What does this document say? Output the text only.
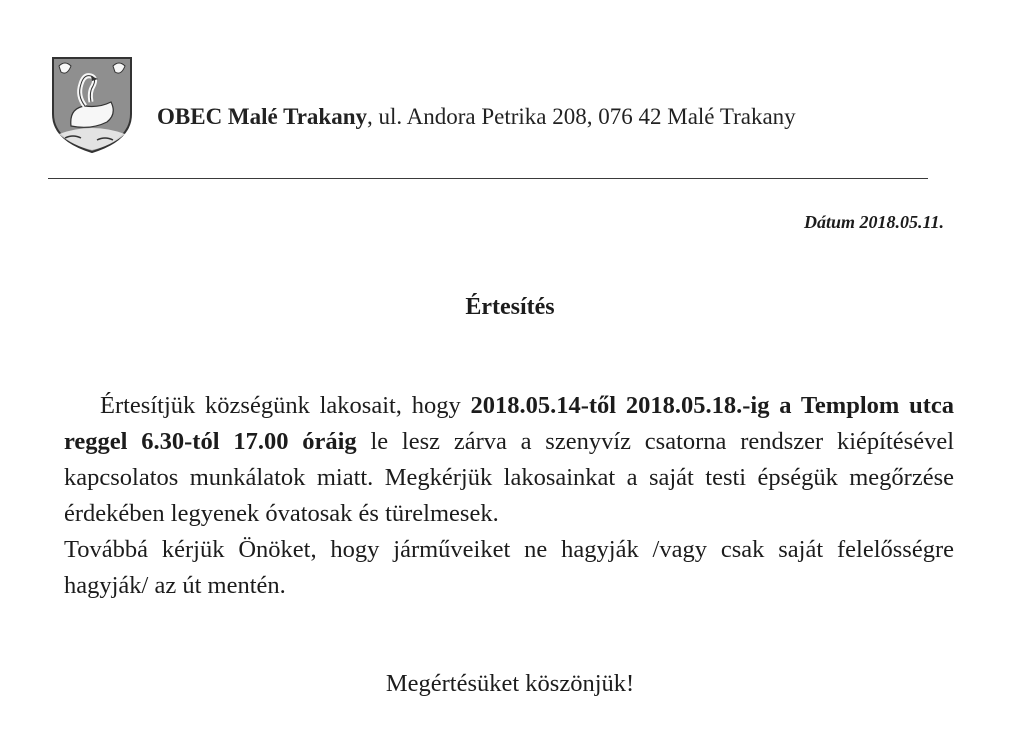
OBEC Malé Trakany, ul. Andora Petrika 208, 076 42 Malé Trakany
Dátum 2018.05.11.
Értesítés

Értesítjük községünk lakosait, hogy 2018.05.14-től 2018.05.18.-ig a Templom utca reggel 6.30-tól 17.00 óráig le lesz zárva a szenyvíz csatorna rendszer kiépítésével kapcsolatos munkálatok miatt. Megkérjük lakosainkat a saját testi épségük megőrzése érdekében legyenek óvatosak és türelmesek.

Továbbá kérjük Önöket, hogy járműveiket ne hagyják /vagy csak saját felelősségre hagyják/ az út mentén.

Megértésüket köszönjük!
